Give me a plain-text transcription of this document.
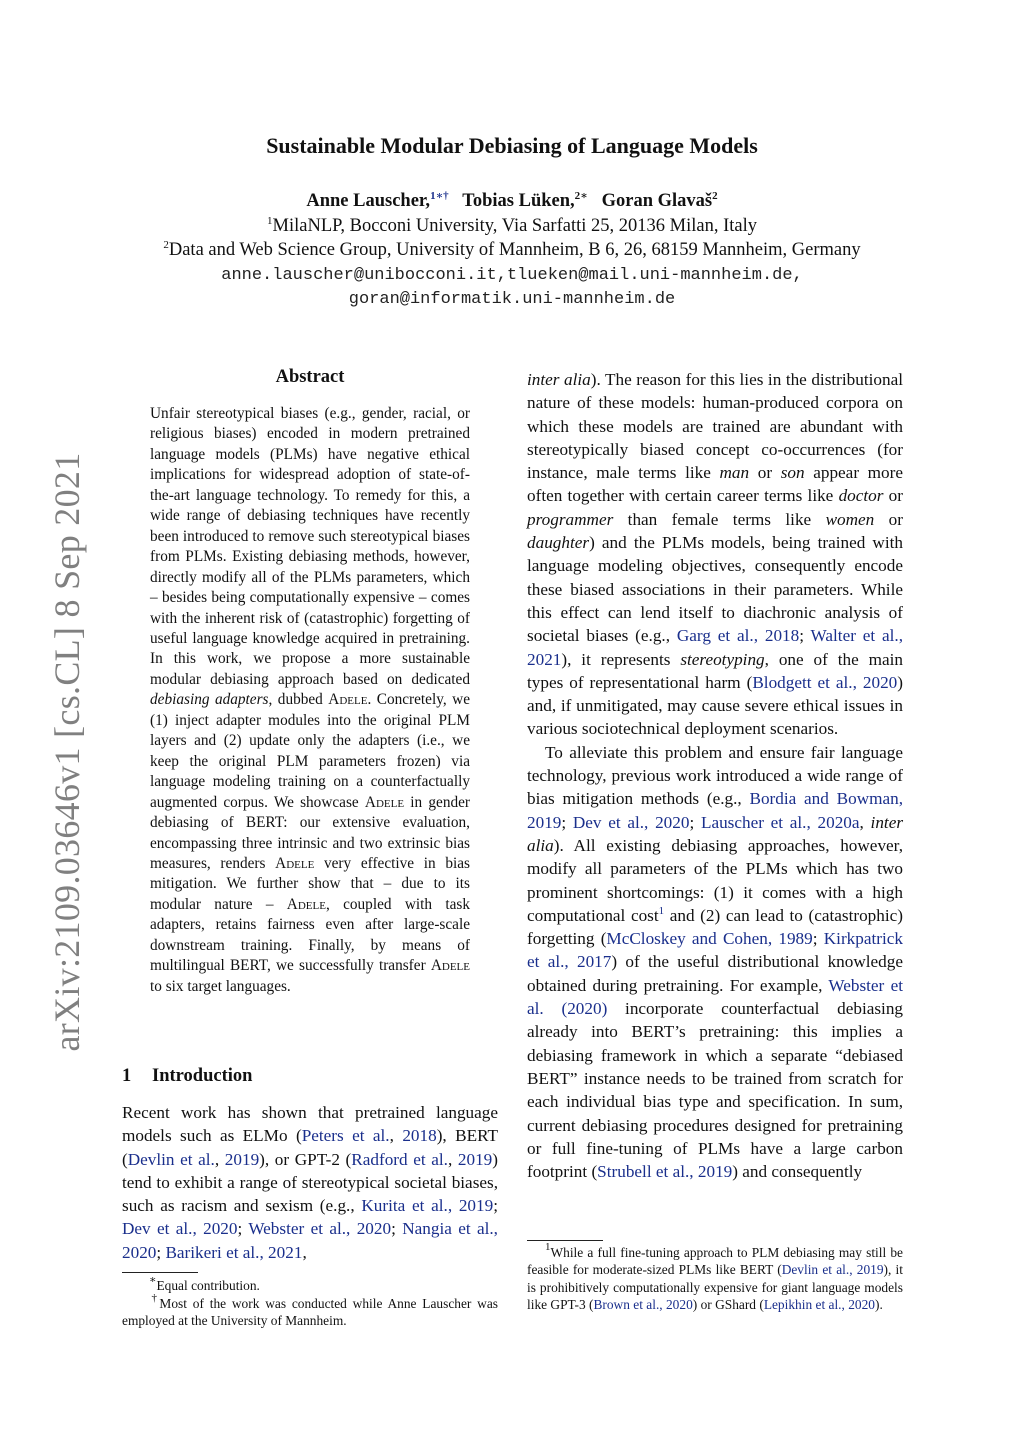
Sustainable Modular Debiasing of Language Models
Anne Lauscher,$^{1∗\dagger}$ Tobias Lüken,$^{2∗}$ Goran Glavaš$^2$
$^1$MilaNLP, Bocconi University, Via Sarfatti 25, 20136 Milan, Italy
$^2$Data and Web Science Group, University of Mannheim, B 6, 26, 68159 Mannheim, Germany
anne.lauscher@unibocconi.it,tlueken@mail.uni-mannheim.de,
goran@informatik.uni-mannheim.de
arXiv:2109.03646v1 [cs.CL] 8 Sep 2021
Abstract
Unfair stereotypical biases (e.g., gender, racial, or religious biases) encoded in modern pretrained language models (PLMs) have negative ethical implications for widespread adoption of state-of-the-art language technology. To remedy for this, a wide range of debiasing techniques have recently been introduced to remove such stereotypical biases from PLMs. Existing debiasing methods, however, directly modify all of the PLMs parameters, which – besides being computationally expensive – comes with the inherent risk of (catastrophic) forgetting of useful language knowledge acquired in pretraining. In this work, we propose a more sustainable modular debiasing approach based on dedicated debiasing adapters, dubbed Adele. Concretely, we (1) inject adapter modules into the original PLM layers and (2) update only the adapters (i.e., we keep the original PLM parameters frozen) via language modeling training on a counterfactually augmented corpus. We showcase Adele in gender debiasing of BERT: our extensive evaluation, encompassing three intrinsic and two extrinsic bias measures, renders Adele very effective in bias mitigation. We further show that – due to its modular nature – Adele, coupled with task adapters, retains fairness even after large-scale downstream training. Finally, by means of multilingual BERT, we successfully transfer Adele to six target languages.
1 Introduction
Recent work has shown that pretrained language models such as ELMo (Peters et al., 2018), BERT (Devlin et al., 2019), or GPT-2 (Radford et al., 2019) tend to exhibit a range of stereotypical societal biases, such as racism and sexism (e.g., Kurita et al., 2019; Dev et al., 2020; Webster et al., 2020; Nangia et al., 2020; Barikeri et al., 2021,
∗Equal contribution.
†Most of the work was conducted while Anne Lauscher was employed at the University of Mannheim.

inter alia). The reason for this lies in the distributional nature of these models: human-produced corpora on which these models are trained are abundant with stereotypically biased concept co-occurrences (for instance, male terms like man or son appear more often together with certain career terms like doctor or programmer than female terms like women or daughter) and the PLMs models, being trained with language modeling objectives, consequently encode these biased associations in their parameters. While this effect can lend itself to diachronic analysis of societal biases (e.g., Garg et al., 2018; Walter et al., 2021), it represents stereotyping, one of the main types of representational harm (Blodgett et al., 2020) and, if unmitigated, may cause severe ethical issues in various sociotechnical deployment scenarios.

To alleviate this problem and ensure fair language technology, previous work introduced a wide range of bias mitigation methods (e.g., Bordia and Bowman, 2019; Dev et al., 2020; Lauscher et al., 2020a, inter alia). All existing debiasing approaches, however, modify all parameters of the PLMs which has two prominent shortcomings: (1) it comes with a high computational cost$^1$ and (2) can lead to (catastrophic) forgetting (McCloskey and Cohen, 1989; Kirkpatrick et al., 2017) of the useful distributional knowledge obtained during pretraining. For example, Webster et al. (2020) incorporate counterfactual debiasing already into BERT’s pretraining: this implies a debiasing framework in which a separate “debiased BERT” instance needs to be trained from scratch for each individual bias type and specification. In sum, current debiasing procedures designed for pretraining or full fine-tuning of PLMs have a large carbon footprint (Strubell et al., 2019) and consequently

$^1$While a full fine-tuning approach to PLM debiasing may still be feasible for moderate-sized PLMs like BERT (Devlin et al., 2019), it is prohibitively computationally expensive for giant language models like GPT-3 (Brown et al., 2020) or GShard (Lepikhin et al., 2020).
